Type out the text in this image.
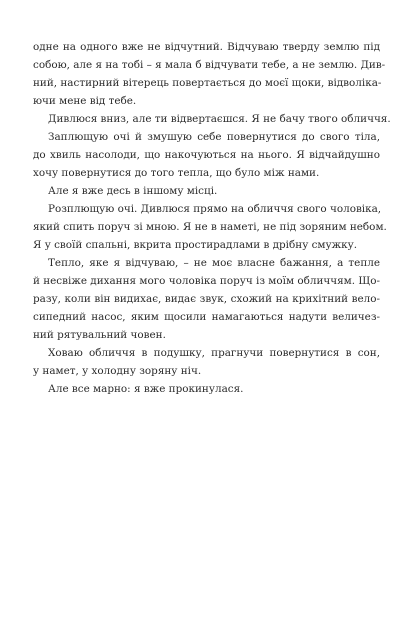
одне на одного вже не відчутний. Відчуваю тверду землю під
собою, але я на тобі – я мала б відчувати тебе, а не землю. Див-
ний, настирний вітерець повертається до моєї щоки, відволіка-
ючи мене від тебе.
Дивлюся вниз, але ти відвертаєшся. Я не бачу твого обличчя.
Заплющую очі й змушую себе повернутися до свого тіла,
до хвиль насолоди, що накочуються на нього. Я відчайдушно
хочу повернутися до того тепла, що було між нами.
Але я вже десь в іншому місці.
Розплющую очі. Дивлюся прямо на обличчя свого чоловіка,
який спить поруч зі мною. Я не в наметі, не під зоряним небом.
Я у своїй спальні, вкрита простирадлами в дрібну смужку.
Тепло, яке я відчуваю, – не моє власне бажання, а тепле
й несвіже дихання мого чоловіка поруч із моїм обличчям. Що-
разу, коли він видихає, видає звук, схожий на крихітний вело-
сипедний насос, яким щосили намагаються надути величез-
ний рятувальний човен.
Ховаю обличчя в подушку, прагнучи повернутися в сон,
у намет, у холодну зоряну ніч.
Але все марно: я вже прокинулася.
